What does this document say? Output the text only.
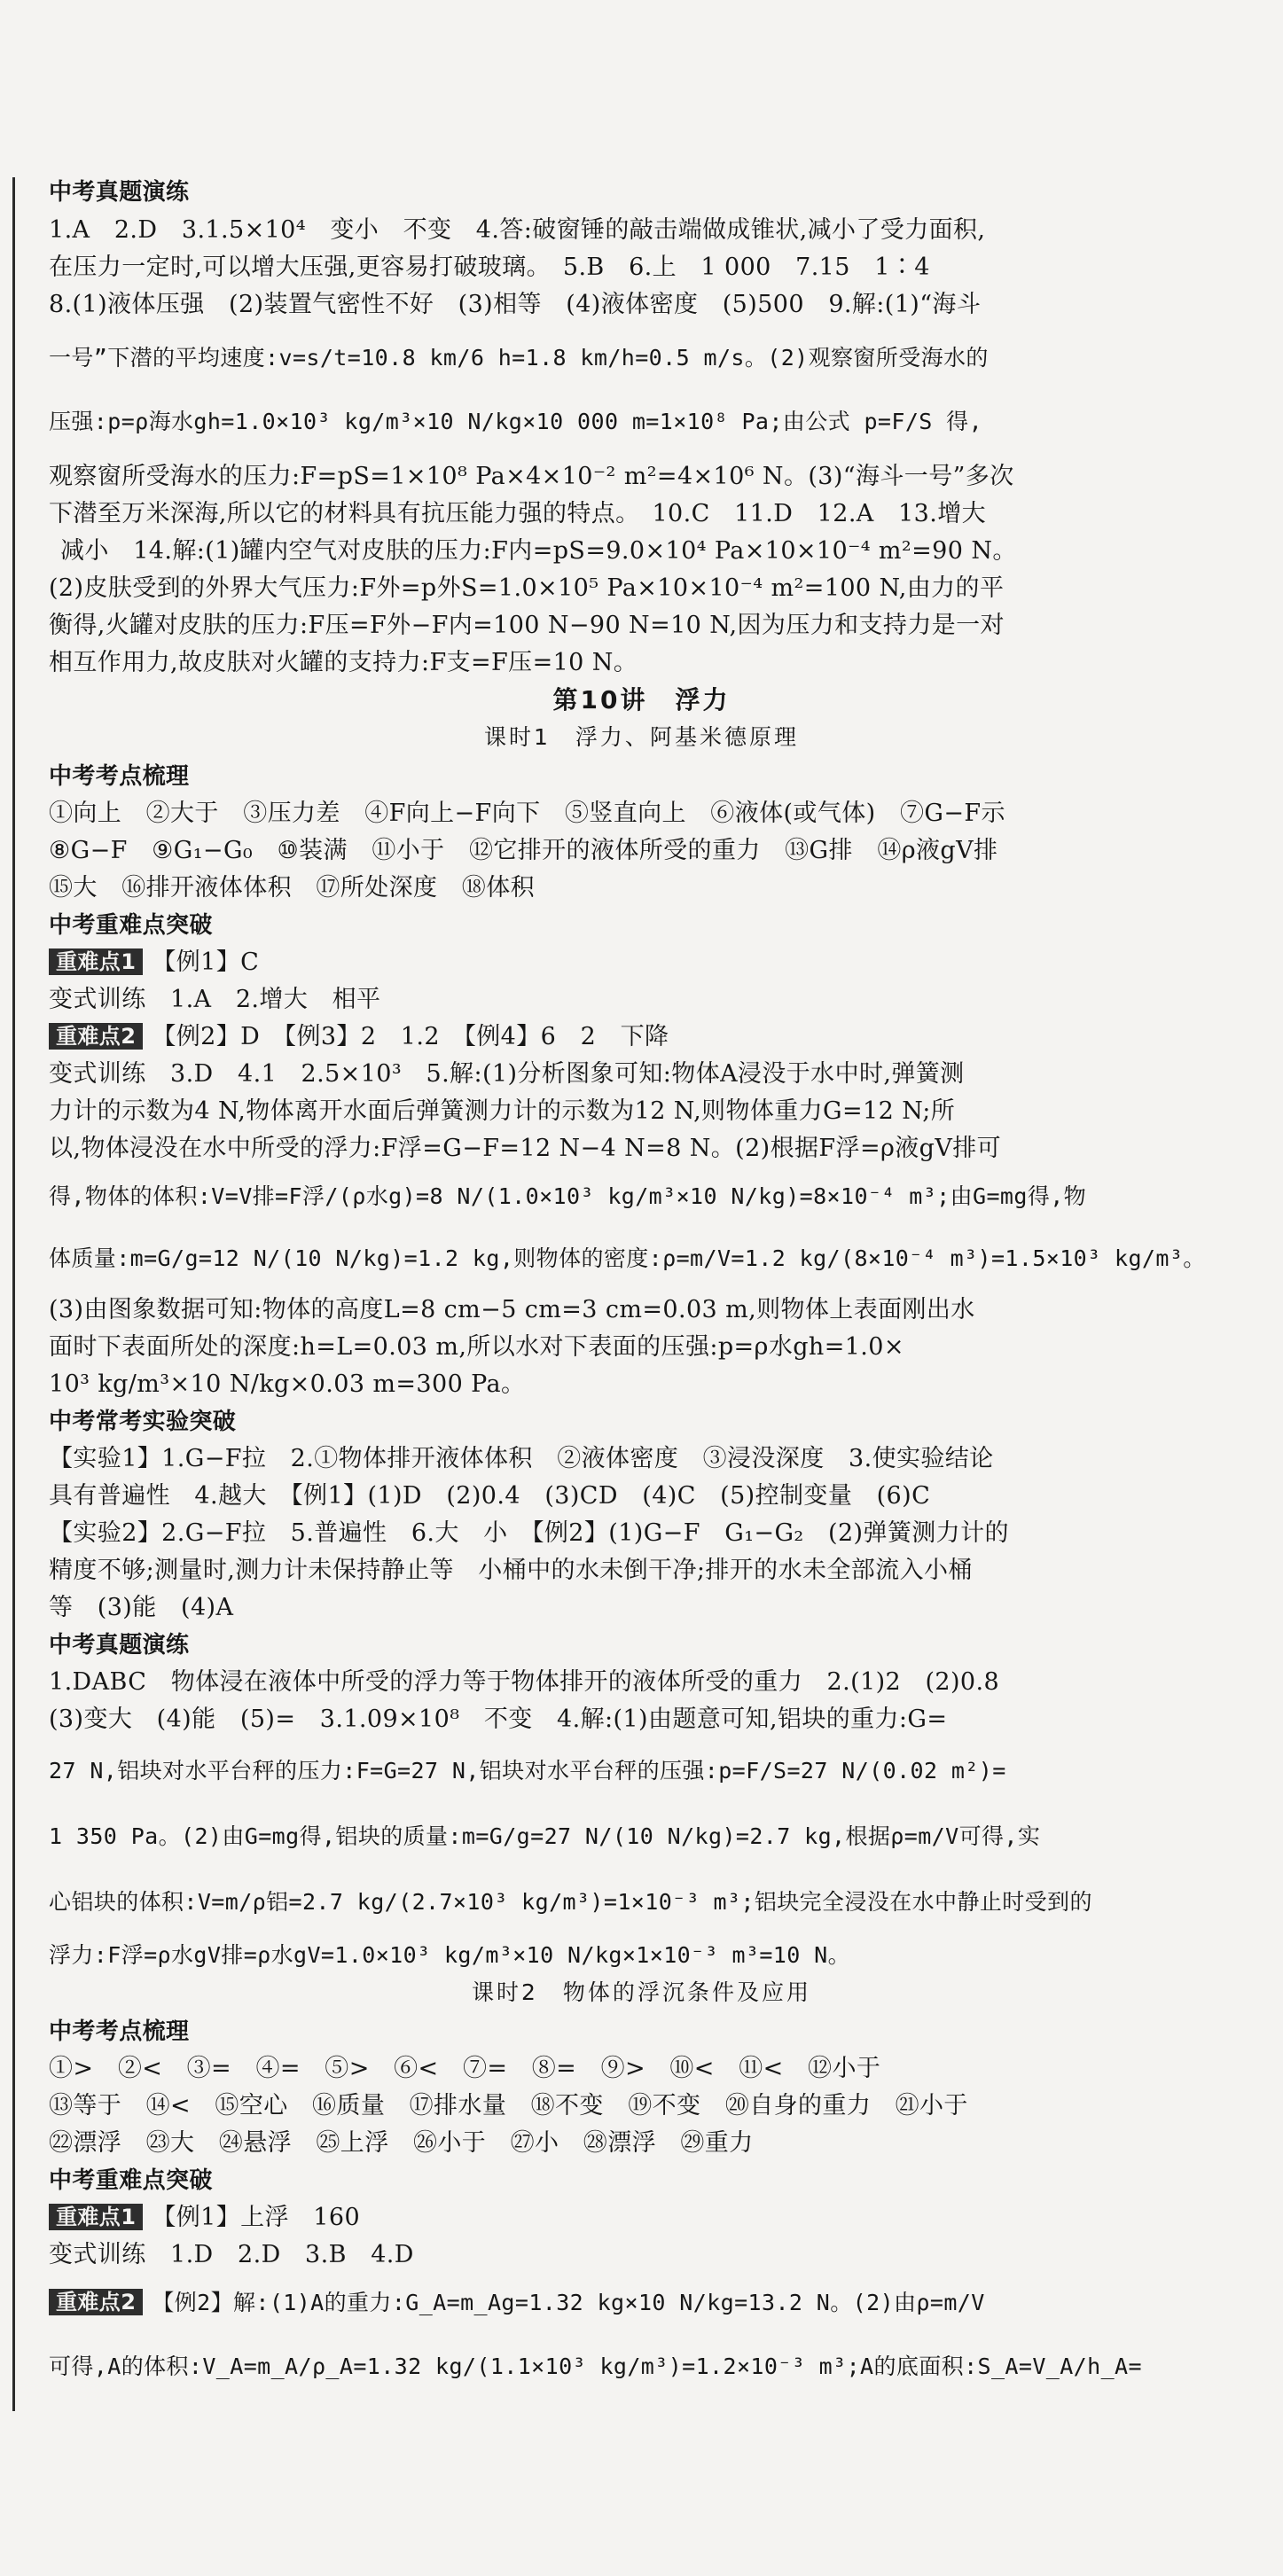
中考真题演练
1.A　2.D　3.1.5×10⁴　变小　不变　4.答:破窗锤的敲击端做成锥状,减小了受力面积,
在压力一定时,可以增大压强,更容易打破玻璃。　5.B　6.上　1 000　7.15　1∶4
8.(1)液体压强　(2)装置气密性不好　(3)相等　(4)液体密度　(5)500　9.解:(1)“海斗
一号”下潜的平均速度:v=s/t=10.8 km/6 h=1.8 km/h=0.5 m/s。(2)观察窗所受海水的
压强:p=ρ海水gh=1.0×10³ kg/m³×10 N/kg×10 000 m=1×10⁸ Pa;由公式 p=F/S 得,
观察窗所受海水的压力:F=pS=1×10⁸ Pa×4×10⁻² m²=4×10⁶ N。(3)“海斗一号”多次
下潜至万米深海,所以它的材料具有抗压能力强的特点。　10.C　11.D　12.A　13.增大
减小　14.解:(1)罐内空气对皮肤的压力:F内=pS=9.0×10⁴ Pa×10×10⁻⁴ m²=90 N。
(2)皮肤受到的外界大气压力:F外=p外S=1.0×10⁵ Pa×10×10⁻⁴ m²=100 N,由力的平
衡得,火罐对皮肤的压力:F压=F外−F内=100 N−90 N=10 N,因为压力和支持力是一对
相互作用力,故皮肤对火罐的支持力:F支=F压=10 N。
第10讲　浮力
课时1　浮力、阿基米德原理
中考考点梳理
①向上　②大于　③压力差　④F向上−F向下　⑤竖直向上　⑥液体(或气体)　⑦G−F示
⑧G−F　⑨G₁−G₀　⑩装满　⑪小于　⑫它排开的液体所受的重力　⑬G排　⑭ρ液gV排
⑮大　⑯排开液体体积　⑰所处深度　⑱体积
中考重难点突破
重难点1 【例1】C
变式训练　1.A　2.增大　相平
重难点2 【例2】D　【例3】2　1.2　【例4】6　2　下降
变式训练　3.D　4.1　2.5×10³　5.解:(1)分析图象可知:物体A浸没于水中时,弹簧测
力计的示数为4 N,物体离开水面后弹簧测力计的示数为12 N,则物体重力G=12 N;所
以,物体浸没在水中所受的浮力:F浮=G−F=12 N−4 N=8 N。(2)根据F浮=ρ液gV排可
得,物体的体积:V=V排=F浮/(ρ水g)=8 N/(1.0×10³ kg/m³×10 N/kg)=8×10⁻⁴ m³;由G=mg得,物
体质量:m=G/g=12 N/(10 N/kg)=1.2 kg,则物体的密度:ρ=m/V=1.2 kg/(8×10⁻⁴ m³)=1.5×10³ kg/m³。
(3)由图象数据可知:物体的高度L=8 cm−5 cm=3 cm=0.03 m,则物体上表面刚出水
面时下表面所处的深度:h=L=0.03 m,所以水对下表面的压强:p=ρ水gh=1.0×
10³ kg/m³×10 N/kg×0.03 m=300 Pa。
中考常考实验突破
【实验1】1.G−F拉　2.①物体排开液体体积　②液体密度　③浸没深度　3.使实验结论
具有普遍性　4.越大　【例1】(1)D　(2)0.4　(3)CD　(4)C　(5)控制变量　(6)C
【实验2】2.G−F拉　5.普遍性　6.大　小　【例2】(1)G−F　G₁−G₂　(2)弹簧测力计的
精度不够;测量时,测力计未保持静止等　小桶中的水未倒干净;排开的水未全部流入小桶
等　(3)能　(4)A
中考真题演练
1.DABC　物体浸在液体中所受的浮力等于物体排开的液体所受的重力　2.(1)2　(2)0.8
(3)变大　(4)能　(5)=　3.1.09×10⁸　不变　4.解:(1)由题意可知,铝块的重力:G=
27 N,铝块对水平台秤的压力:F=G=27 N,铝块对水平台秤的压强:p=F/S=27 N/(0.02 m²)=
1 350 Pa。(2)由G=mg得,铝块的质量:m=G/g=27 N/(10 N/kg)=2.7 kg,根据ρ=m/V可得,实
心铝块的体积:V=m/ρ铝=2.7 kg/(2.7×10³ kg/m³)=1×10⁻³ m³;铝块完全浸没在水中静止时受到的
浮力:F浮=ρ水gV排=ρ水gV=1.0×10³ kg/m³×10 N/kg×1×10⁻³ m³=10 N。
课时2　物体的浮沉条件及应用
中考考点梳理
①>　②<　③=　④=　⑤>　⑥<　⑦=　⑧=　⑨>　⑩<　⑪<　⑫小于
⑬等于　⑭<　⑮空心　⑯质量　⑰排水量　⑱不变　⑲不变　⑳自身的重力　㉑小于
㉒漂浮　㉓大　㉔悬浮　㉕上浮　㉖小于　㉗小　㉘漂浮　㉙重力
中考重难点突破
重难点1 【例1】上浮　160
变式训练　1.D　2.D　3.B　4.D
重难点2 【例2】解:(1)A的重力:G_A=m_Ag=1.32 kg×10 N/kg=13.2 N。(2)由ρ=m/V
可得,A的体积:V_A=m_A/ρ_A=1.32 kg/(1.1×10³ kg/m³)=1.2×10⁻³ m³;A的底面积:S_A=V_A/h_A=
